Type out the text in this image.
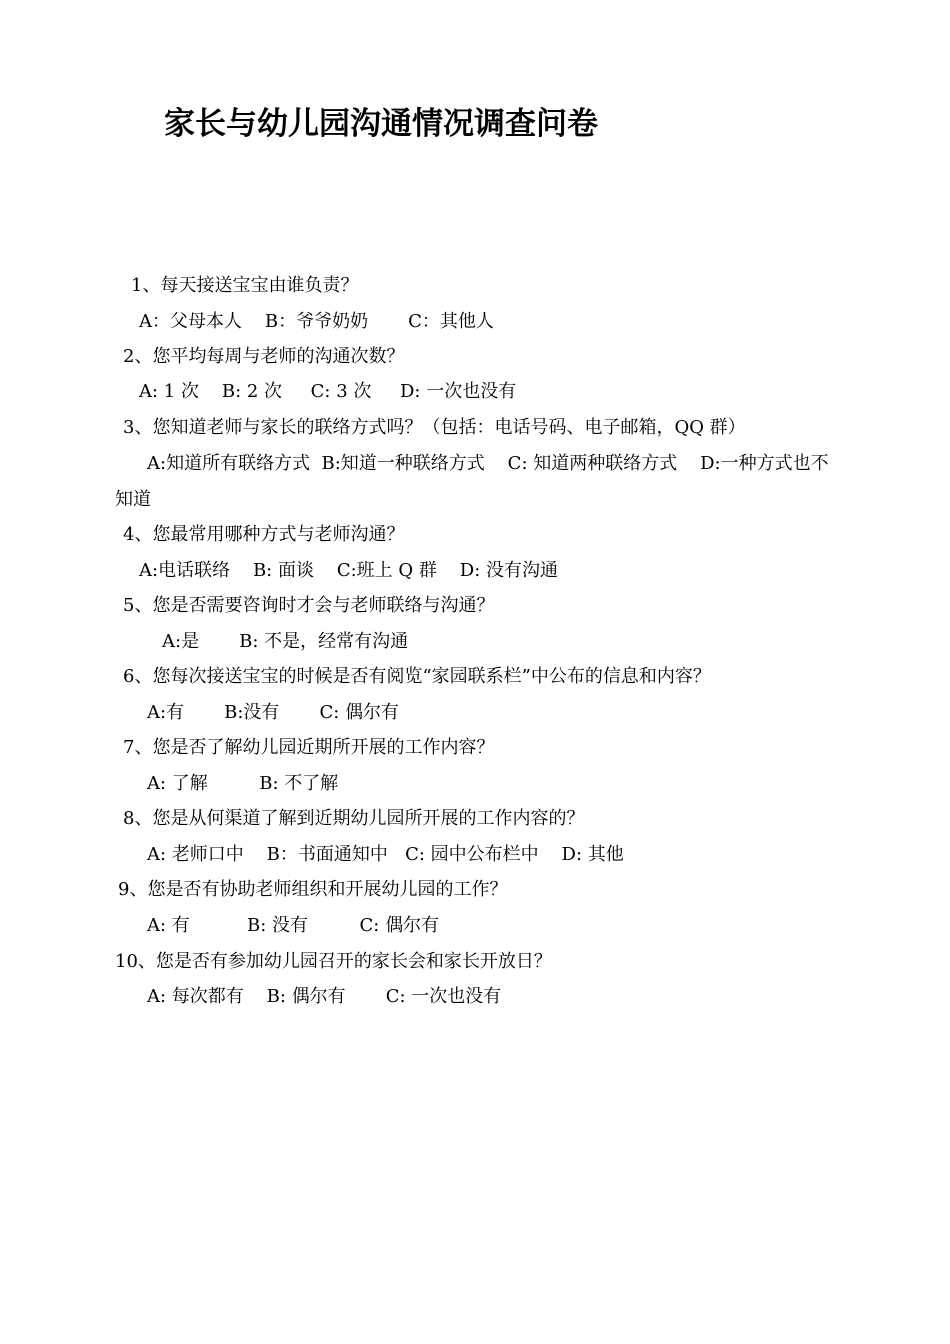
家长与幼儿园沟通情况调查问卷
1、每天接送宝宝由谁负责？
A：父母本人    B：爷爷奶奶       C：其他人
2、您平均每周与老师的沟通次数？
A: 1 次    B: 2 次     C: 3 次     D: 一次也没有
3、您知道老师与家长的联络方式吗？（包括：电话号码、电子邮箱，QQ 群）
A:知道所有联络方式  B:知道一种联络方式    C: 知道两种联络方式    D:一种方式也不
知道
4、您最常用哪种方式与老师沟通？
A:电话联络    B: 面谈    C:班上 Q 群    D: 没有沟通
5、您是否需要咨询时才会与老师联络与沟通？
A:是       B: 不是，经常有沟通
6、您每次接送宝宝的时候是否有阅览“家园联系栏”中公布的信息和内容？
A:有       B:没有       C: 偶尔有
7、您是否了解幼儿园近期所开展的工作内容？
A: 了解         B: 不了解
8、您是从何渠道了解到近期幼儿园所开展的工作内容的？
A: 老师口中    B：书面通知中   C: 园中公布栏中    D: 其他
9、您是否有协助老师组织和开展幼儿园的工作？
A: 有          B: 没有         C: 偶尔有
10、您是否有参加幼儿园召开的家长会和家长开放日？
A: 每次都有    B: 偶尔有       C: 一次也没有
